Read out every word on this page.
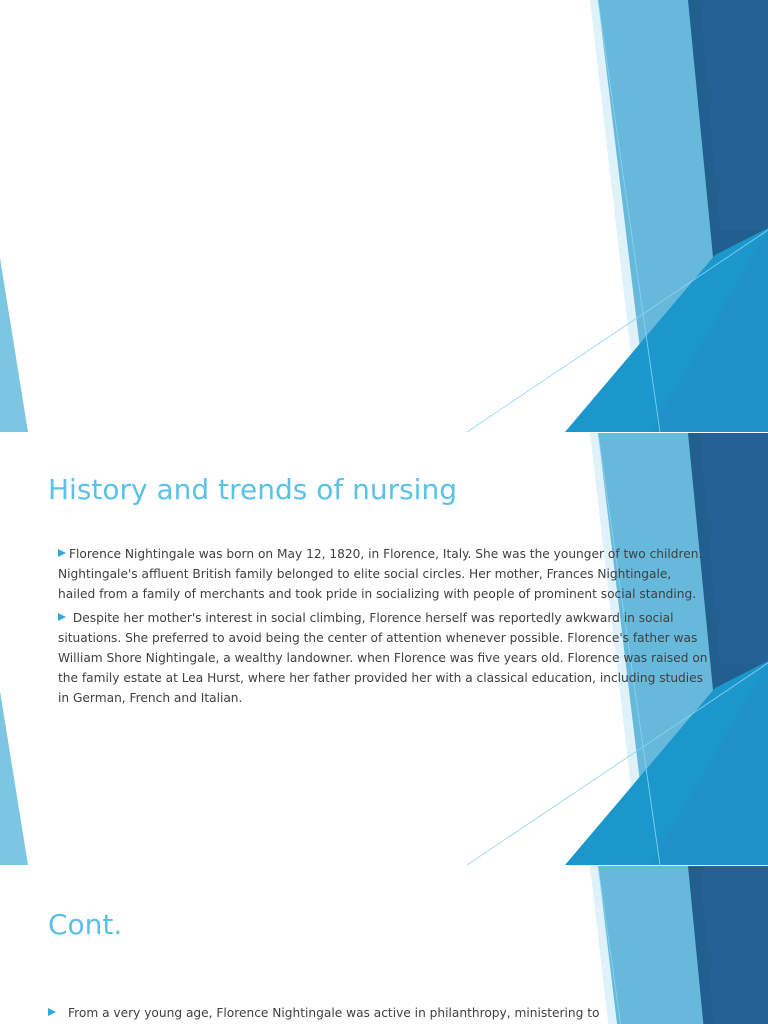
History and trends of nursing
Florence Nightingale was born on May 12, 1820, in Florence, Italy. She was the younger of two children. Nightingale's affluent British family belonged to elite social circles. Her mother, Frances Nightingale, hailed from a family of merchants and took pride in socializing with people of prominent social standing.
Despite her mother's interest in social climbing, Florence herself was reportedly awkward in social situations. She preferred to avoid being the center of attention whenever possible. Florence's father was William Shore Nightingale, a wealthy landowner. when Florence was five years old. Florence was raised on the family estate at Lea Hurst, where her father provided her with a classical education, including studies in German, French and Italian.
Cont.
From a very young age, Florence Nightingale was active in philanthropy, ministering to
